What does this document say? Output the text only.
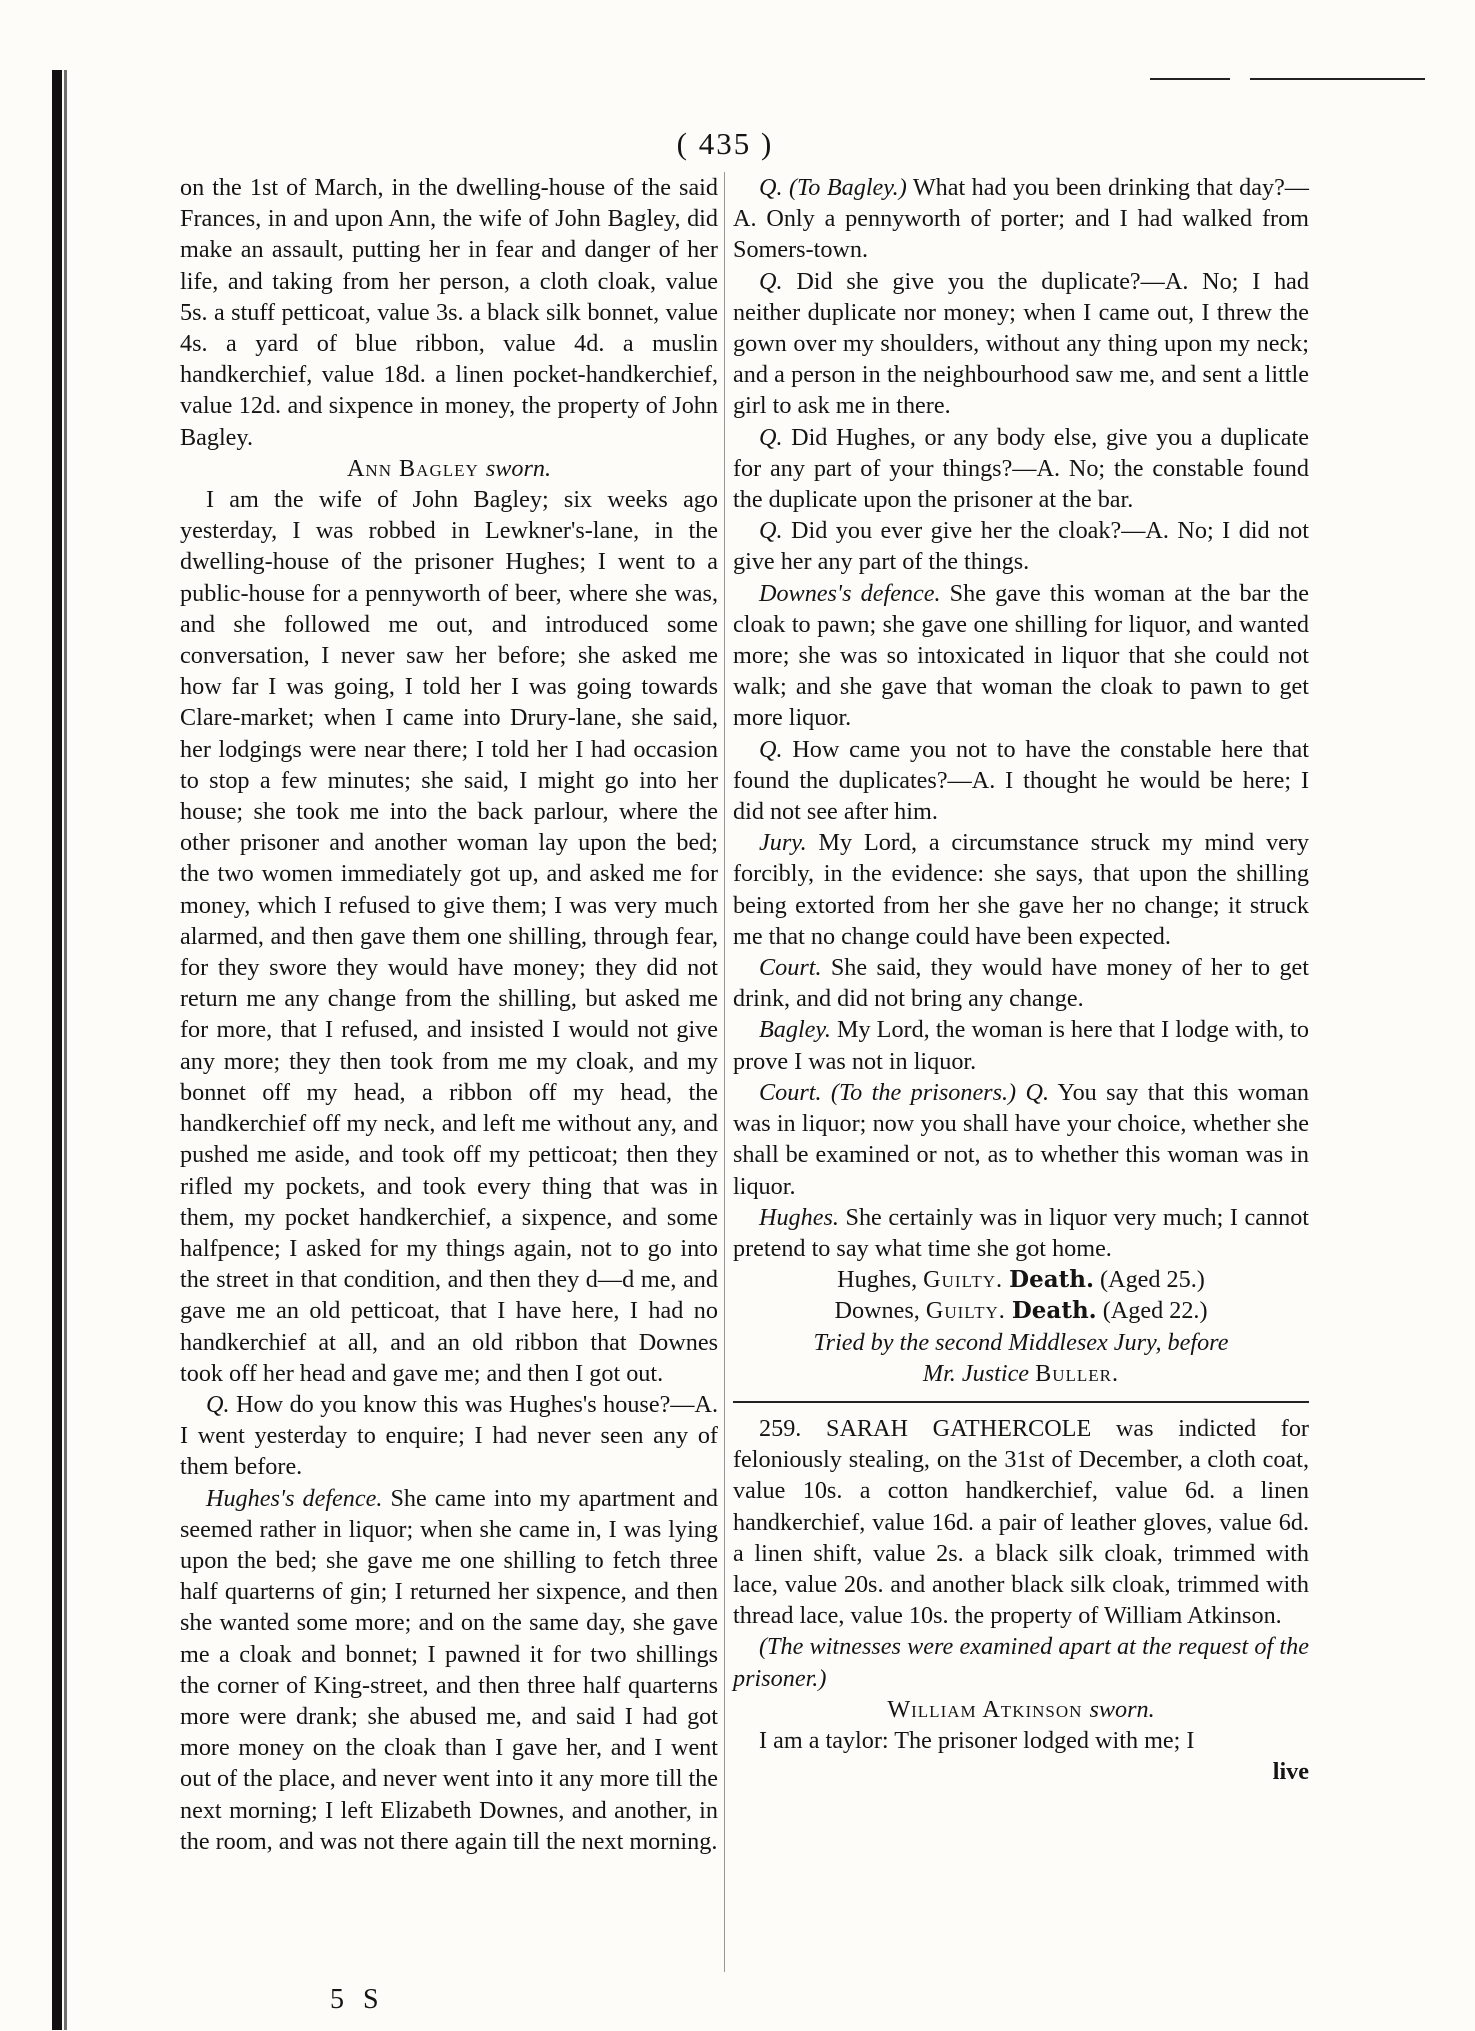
( 435 )

on the 1st of March, in the dwelling-house of the said Frances, in and upon Ann, the wife of John Bagley, did make an assault, putting her in fear and danger of her life, and taking from her person, a cloth cloak, value 5s. a stuff petticoat, value 3s. a black silk bonnet, value 4s. a yard of blue ribbon, value 4d. a muslin handkerchief, value 18d. a linen pocket-handkerchief, value 12d. and sixpence in money, the property of John Bagley.

Ann Bagley sworn.

I am the wife of John Bagley; six weeks ago yesterday, I was robbed in Lewkner's-lane, in the dwelling-house of the prisoner Hughes; I went to a public-house for a pennyworth of beer, where she was, and she followed me out, and introduced some conversation, I never saw her before; she asked me how far I was going, I told her I was going towards Clare-market; when I came into Drury-lane, she said, her lodgings were near there; I told her I had occasion to stop a few minutes; she said, I might go into her house; she took me into the back parlour, where the other prisoner and another woman lay upon the bed; the two women immediately got up, and asked me for money, which I refused to give them; I was very much alarmed, and then gave them one shilling, through fear, for they swore they would have money; they did not return me any change from the shilling, but asked me for more, that I refused, and insisted I would not give any more; they then took from me my cloak, and my bonnet off my head, a ribbon off my head, the handkerchief off my neck, and left me without any, and pushed me aside, and took off my petticoat; then they rifled my pockets, and took every thing that was in them, my pocket handkerchief, a sixpence, and some halfpence; I asked for my things again, not to go into the street in that condition, and then they d—d me, and gave me an old petticoat, that I have here, I had no handkerchief at all, and an old ribbon that Downes took off her head and gave me; and then I got out.

Q. How do you know this was Hughes's house?—A. I went yesterday to enquire; I had never seen any of them before.

Hughes's defence. She came into my apartment and seemed rather in liquor; when she came in, I was lying upon the bed; she gave me one shilling to fetch three half quarterns of gin; I returned her sixpence, and then she wanted some more; and on the same day, she gave me a cloak and bonnet; I pawned it for two shillings the corner of King-street, and then three half quarterns more were drank; she abused me, and said I had got more money on the cloak than I gave her, and I went out of the place, and never went into it any more till the next morning; I left Elizabeth Downes, and another, in the room, and was not there again till the next morning.

Q. (To Bagley.) What had you been drinking that day?—A. Only a pennyworth of porter; and I had walked from Somers-town.

Q. Did she give you the duplicate?—A. No; I had neither duplicate nor money; when I came out, I threw the gown over my shoulders, without any thing upon my neck; and a person in the neighbourhood saw me, and sent a little girl to ask me in there.

Q. Did Hughes, or any body else, give you a duplicate for any part of your things?—A. No; the constable found the duplicate upon the prisoner at the bar.

Q. Did you ever give her the cloak?—A. No; I did not give her any part of the things.

Downes's defence. She gave this woman at the bar the cloak to pawn; she gave one shilling for liquor, and wanted more; she was so intoxicated in liquor that she could not walk; and she gave that woman the cloak to pawn to get more liquor.

Q. How came you not to have the constable here that found the duplicates?—A. I thought he would be here; I did not see after him.

Jury. My Lord, a circumstance struck my mind very forcibly, in the evidence: she says, that upon the shilling being extorted from her she gave her no change; it struck me that no change could have been expected.

Court. She said, they would have money of her to get drink, and did not bring any change.

Bagley. My Lord, the woman is here that I lodge with, to prove I was not in liquor.

Court. (To the prisoners.) Q. You say that this woman was in liquor; now you shall have your choice, whether she shall be examined or not, as to whether this woman was in liquor.

Hughes. She certainly was in liquor very much; I cannot pretend to say what time she got home.

Hughes, Guilty. Death. (Aged 25.)

Downes, Guilty. Death. (Aged 22.)

Tried by the second Middlesex Jury, before

Mr. Justice Buller.

259. SARAH GATHERCOLE was indicted for feloniously stealing, on the 31st of December, a cloth coat, value 10s. a cotton handkerchief, value 6d. a linen handkerchief, value 16d. a pair of leather gloves, value 6d. a linen shift, value 2s. a black silk cloak, trimmed with lace, value 20s. and another black silk cloak, trimmed with thread lace, value 10s. the property of William Atkinson.

(The witnesses were examined apart at the request of the prisoner.)

William Atkinson sworn.

I am a taylor: The prisoner lodged with me; I

live

5 S
